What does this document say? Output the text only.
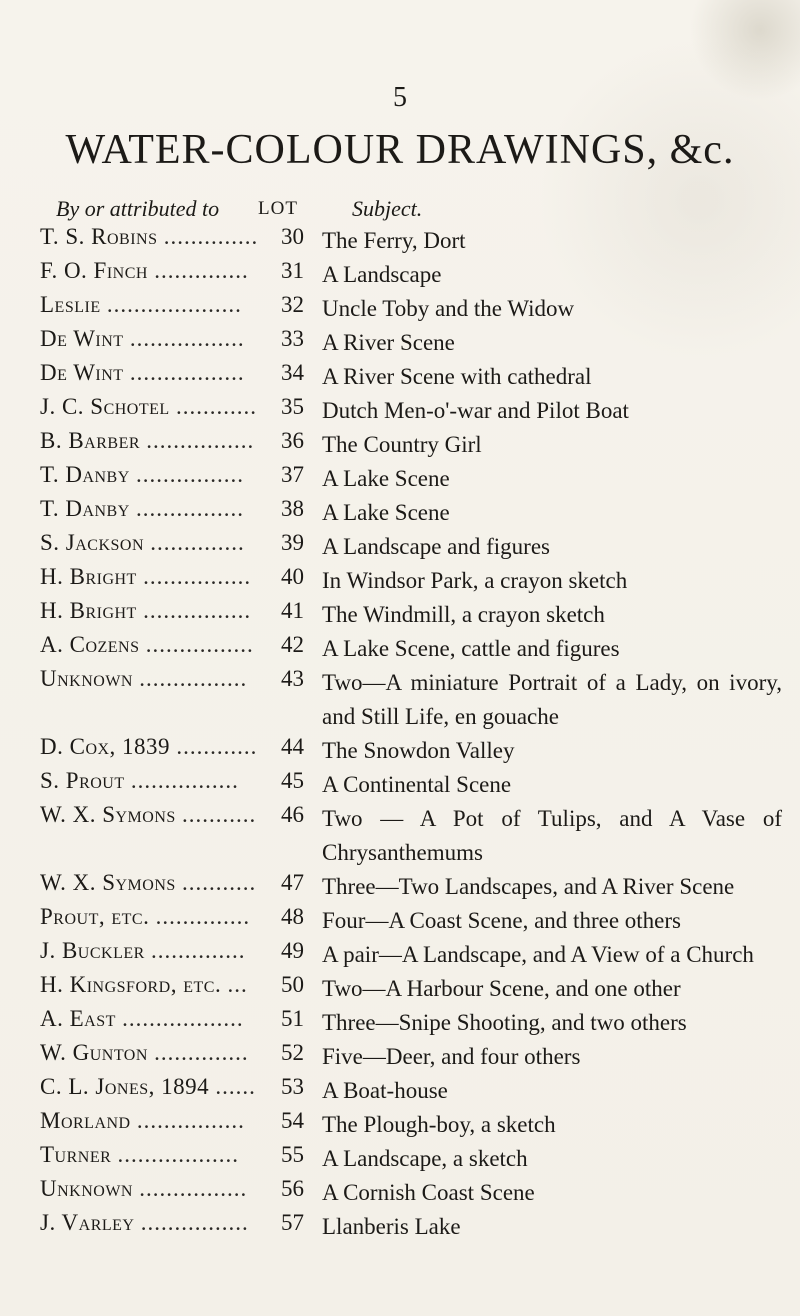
5
WATER-COLOUR DRAWINGS, &c.
By or attributed to LOT Subject.
T. S. Robins .............. 30 The Ferry, Dort
F. O. Finch ..............	31 A Landscape
Leslie ....................	32 Uncle Toby and the Widow
De Wint .................	33 A River Scene
De Wint .................	34 A River Scene with cathedral
J. C. Schotel ............	35 Dutch Men-o'-war and Pilot Boat
B. Barber ................	36 The Country Girl
T. Danby ................	37 A Lake Scene
T. Danby ................	38 A Lake Scene
S. Jackson ..............	39 A Landscape and figures
H. Bright ................	40 In Windsor Park, a crayon sketch
H. Bright ................	41 The Windmill, a crayon sketch
A. Cozens ................	42 A Lake Scene, cattle and figures
Unknown ................	43 Two—A miniature Portrait of a Lady, on ivory, and Still Life, en gouache
D. Cox, 1839 ............	44 The Snowdon Valley
S. Prout ................	45 A Continental Scene
W. X. Symons ...........	46 Two — A Pot of Tulips, and A Vase of Chrysanthemums
W. X. Symons ...........	47 Three—Two Landscapes, and A River Scene
Prout, etc. ..............	48 Four—A Coast Scene, and three others
J. Buckler ..............	49 A pair—A Landscape, and A View of a Church
H. Kingsford, etc. ...	50 Two—A Harbour Scene, and one other
A. East ..................	51 Three—Snipe Shooting, and two others
W. Gunton ..............	52 Five—Deer, and four others
C. L. Jones, 1894 ......	53 A Boat-house
Morland ................	54 The Plough-boy, a sketch
Turner ..................	55 A Landscape, a sketch
Unknown ................	56 A Cornish Coast Scene
J. Varley ................	57 Llanberis Lake
